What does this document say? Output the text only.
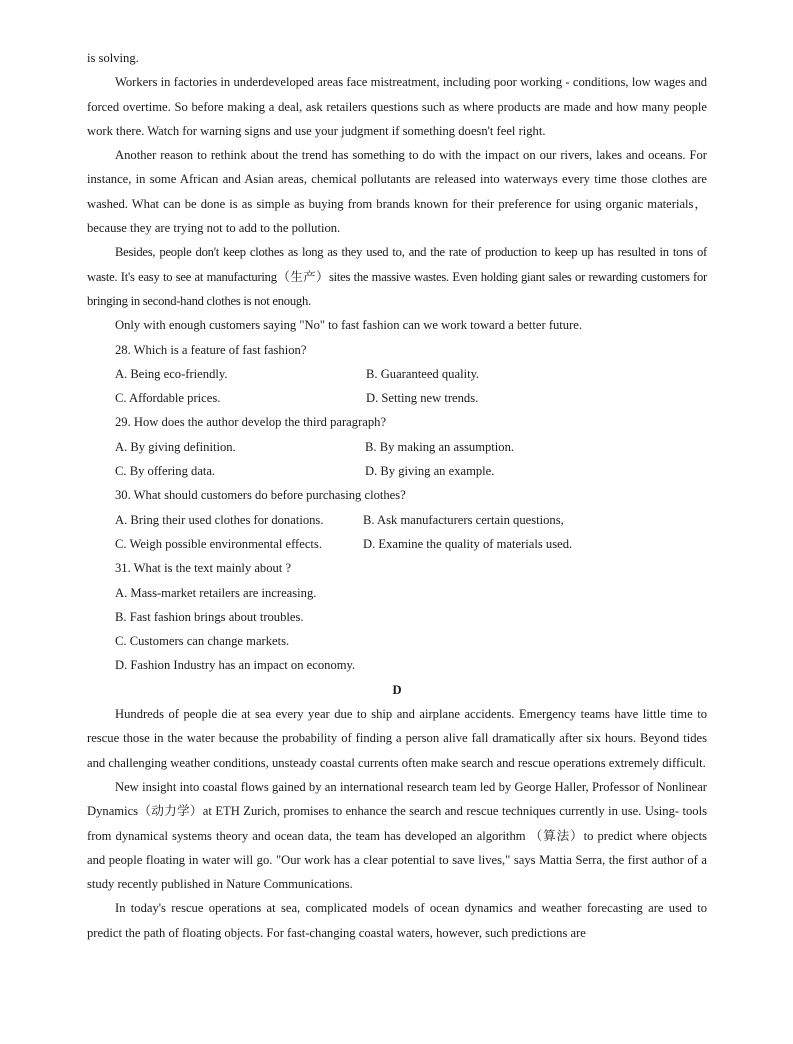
is solving.

Workers in factories in underdeveloped areas face mistreatment, including poor working - conditions, low wages and forced overtime. So before making a deal, ask retailers questions such as where products are made and how many people work there. Watch for warning signs and use your judgment if something doesn't feel right.

Another reason to rethink about the trend has something to do with the impact on our rivers, lakes and oceans. For instance, in some African and Asian areas, chemical pollutants are released into waterways every time those clothes are washed. What can be done is as simple as buying from brands known for their preference for using organic materials， because they are trying not to add to the pollution.

Besides, people don't keep clothes as long as they used to, and the rate of production to keep up has resulted in tons of waste. It's easy to see at manufacturing（生产）sites the massive wastes. Even holding giant sales or rewarding customers for bringing in second-hand clothes is not enough.

Only with enough customers saying "No" to fast fashion can we work toward a better future.

28. Which is a feature of fast fashion?

A. Being eco-friendly.	B. Guaranteed quality.
C. Affordable prices.	D. Setting new trends.

29. How does the author develop the third paragraph?

A. By giving definition.	B. By making an assumption.
C. By offering data.	D. By giving an example.

30. What should customers do before purchasing clothes?

A. Bring their used clothes for donations.	B. Ask manufacturers certain questions,
C. Weigh possible environmental effects.	D. Examine the quality of materials used.

31. What is the text mainly about ?

A. Mass-market retailers are increasing.

B. Fast fashion brings about troubles.

C. Customers can change markets.

D. Fashion Industry has an impact on economy.

D

Hundreds of people die at sea every year due to ship and airplane accidents. Emergency teams have little time to rescue those in the water because the probability of finding a person alive fall dramatically after six hours. Beyond tides and challenging weather conditions, unsteady coastal currents often make search and rescue operations extremely difficult.

New insight into coastal flows gained by an international research team led by George Haller, Professor of Nonlinear Dynamics（动力学）at ETH Zurich, promises to enhance the search and rescue techniques currently in use. Using- tools from dynamical systems theory and ocean data, the team has developed an algorithm （算法）to predict where objects and people floating in water will go. "Our work has a clear potential to save lives," says Mattia Serra, the first author of a study recently published in Nature Communications.

In today's rescue operations at sea, complicated models of ocean dynamics and weather forecasting are used to predict the path of floating objects. For fast-changing coastal waters, however, such predictions are
